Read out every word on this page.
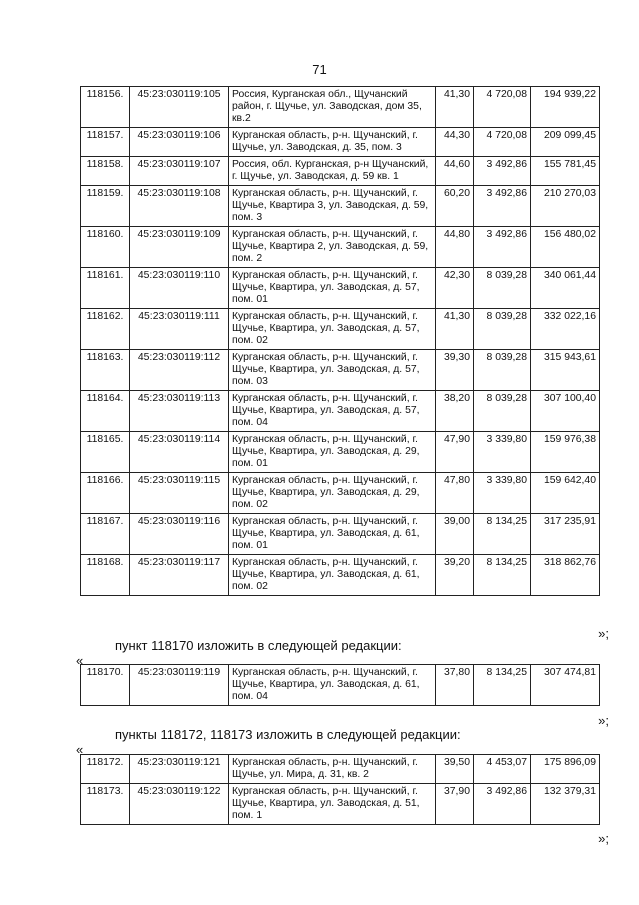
71
118156.	45:23:030119:105	Россия, Курганская обл., Щучанский район, г. Щучье, ул. Заводская, дом 35, кв.2	41,30	4 720,08	194 939,22
118157.	45:23:030119:106	Курганская область, р-н. Щучанский, г. Щучье, ул. Заводская, д. 35, пом. 3	44,30	4 720,08	209 099,45
118158.	45:23:030119:107	Россия, обл. Курганская, р-н Щучанский, г. Щучье, ул. Заводская, д. 59 кв. 1	44,60	3 492,86	155 781,45
118159.	45:23:030119:108	Курганская область, р-н. Щучанский, г. Щучье, Квартира 3, ул. Заводская, д. 59, пом. 3	60,20	3 492,86	210 270,03
118160.	45:23:030119:109	Курганская область, р-н. Щучанский, г. Щучье, Квартира 2, ул. Заводская, д. 59, пом. 2	44,80	3 492,86	156 480,02
118161.	45:23:030119:110	Курганская область, р-н. Щучанский, г. Щучье, Квартира, ул. Заводская, д. 57, пом. 01	42,30	8 039,28	340 061,44
118162.	45:23:030119:111	Курганская область, р-н. Щучанский, г. Щучье, Квартира, ул. Заводская, д. 57, пом. 02	41,30	8 039,28	332 022,16
118163.	45:23:030119:112	Курганская область, р-н. Щучанский, г. Щучье, Квартира, ул. Заводская, д. 57, пом. 03	39,30	8 039,28	315 943,61
118164.	45:23:030119:113	Курганская область, р-н. Щучанский, г. Щучье, Квартира, ул. Заводская, д. 57, пом. 04	38,20	8 039,28	307 100,40
118165.	45:23:030119:114	Курганская область, р-н. Щучанский, г. Щучье, Квартира, ул. Заводская, д. 29, пом. 01	47,90	3 339,80	159 976,38
118166.	45:23:030119:115	Курганская область, р-н. Щучанский, г. Щучье, Квартира, ул. Заводская, д. 29, пом. 02	47,80	3 339,80	159 642,40
118167.	45:23:030119:116	Курганская область, р-н. Щучанский, г. Щучье, Квартира, ул. Заводская, д. 61, пом. 01	39,00	8 134,25	317 235,91
118168.	45:23:030119:117	Курганская область, р-н. Щучанский, г. Щучье, Квартира, ул. Заводская, д. 61, пом. 02	39,20	8 134,25	318 862,76
»;
пункт 118170 изложить в следующей редакции:
«
118170.	45:23:030119:119	Курганская область, р-н. Щучанский, г. Щучье, Квартира, ул. Заводская, д. 61, пом. 04	37,80	8 134,25	307 474,81
»;
пункты 118172, 118173 изложить в следующей редакции:
«
118172.	45:23:030119:121	Курганская область, р-н. Щучанский, г. Щучье, ул. Мира, д. 31, кв. 2	39,50	4 453,07	175 896,09
118173.	45:23:030119:122	Курганская область, р-н. Щучанский, г. Щучье, Квартира, ул. Заводская, д. 51, пом. 1	37,90	3 492,86	132 379,31
»;
